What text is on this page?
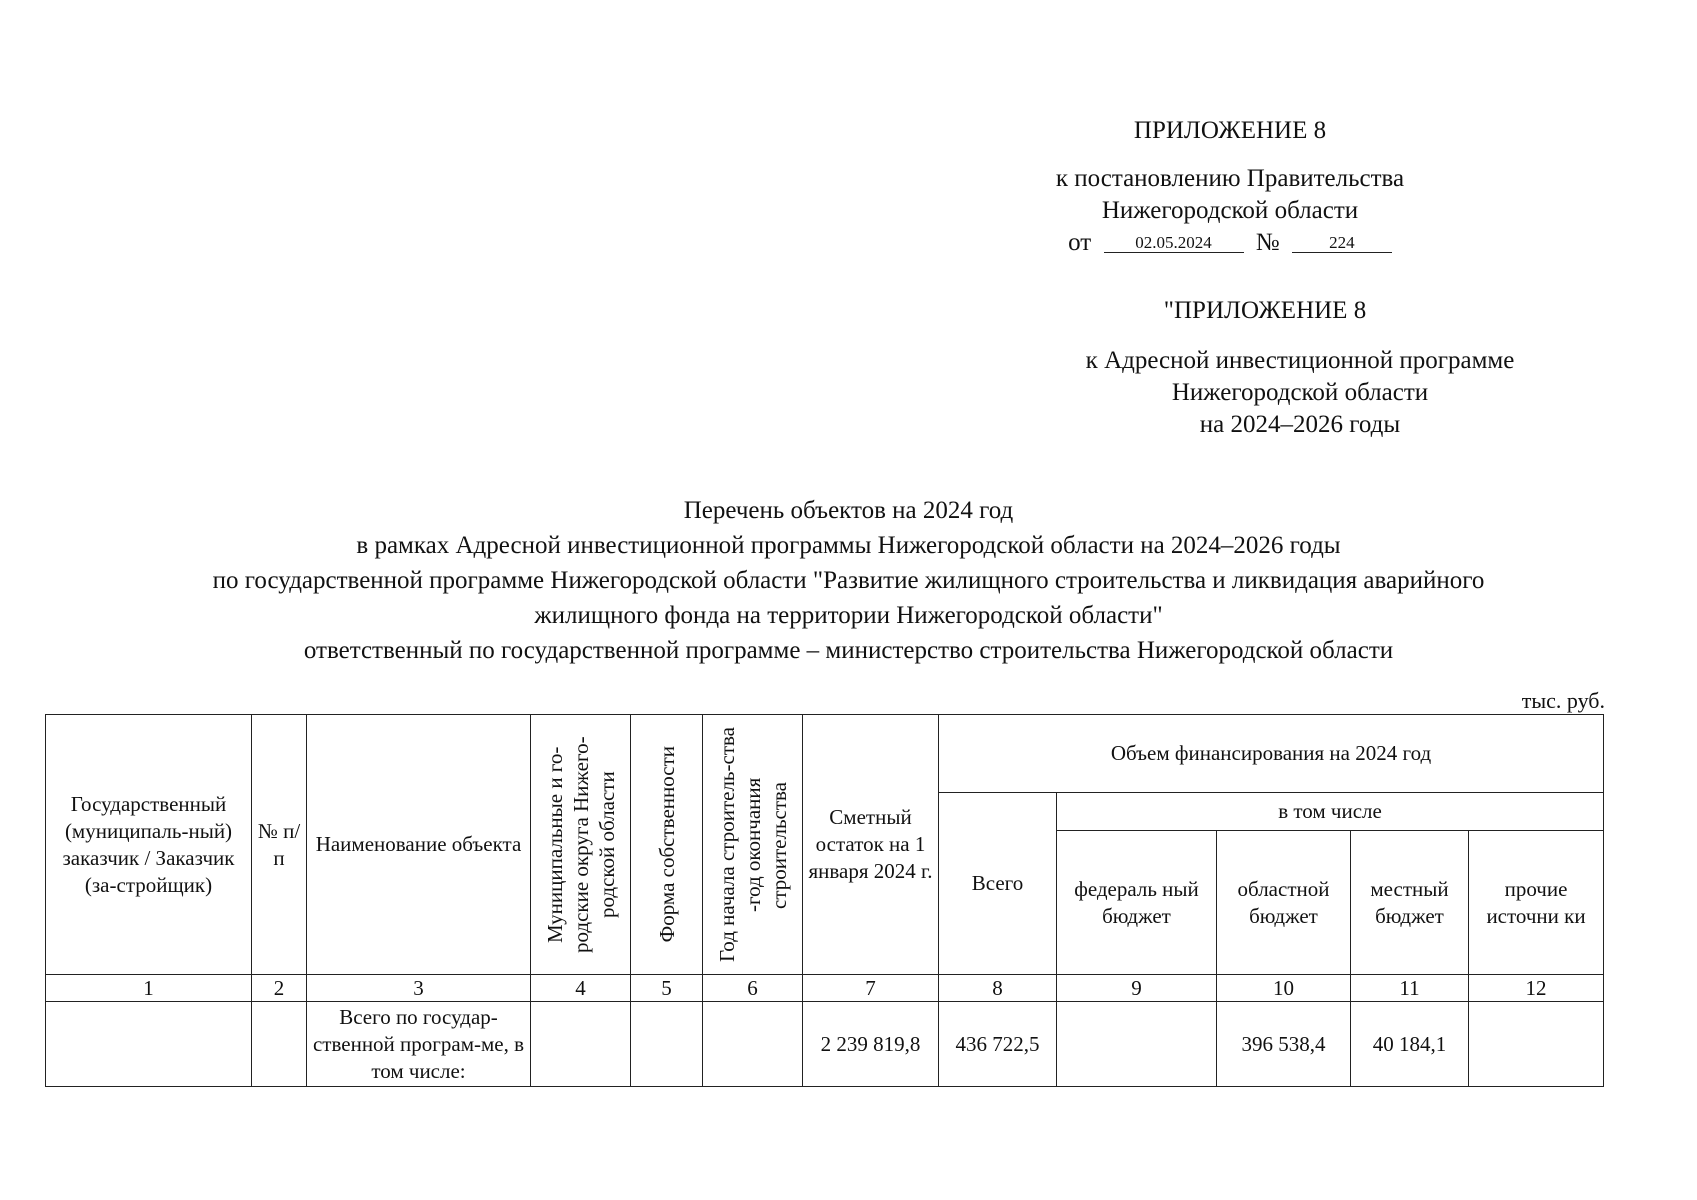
ПРИЛОЖЕНИЕ 8
к постановлению Правительства
Нижегородской области
от	02.05.2024 №	224
"ПРИЛОЖЕНИЕ 8
к Адресной инвестиционной программе
Нижегородской области
на 2024–2026 годы
Перечень объектов на 2024 год
в рамках Адресной инвестиционной программы Нижегородской области на 2024–2026 годы
по государственной программе Нижегородской области "Развитие жилищного строительства и ликвидация аварийного
жилищного фонда на территории Нижегородской области"
ответственный по государственной программе – министерство строительства Нижегородской области
тыс. руб.
Государственный (муниципаль-ный) заказчик / Заказчик (за-стройщик)	№ п/п	Наименование объекта	Муниципальные и го-родские округа Нижего-родской области	Форма собственности	Год начала строитель-ства -год окончания строительства	Сметный остаток на 1 января 2024 г.	Объем финансирования на 2024 год				
							Всего	в том числе			
								федераль ный бюджет	областной бюджет	местный бюджет	прочие источни ки
1	2	3	4	5	6	7	8	9	10	11	12
		Всего по государ-ственной програм-ме, в том числе:				2 239 819,8	436 722,5		396 538,4	40 184,1	
